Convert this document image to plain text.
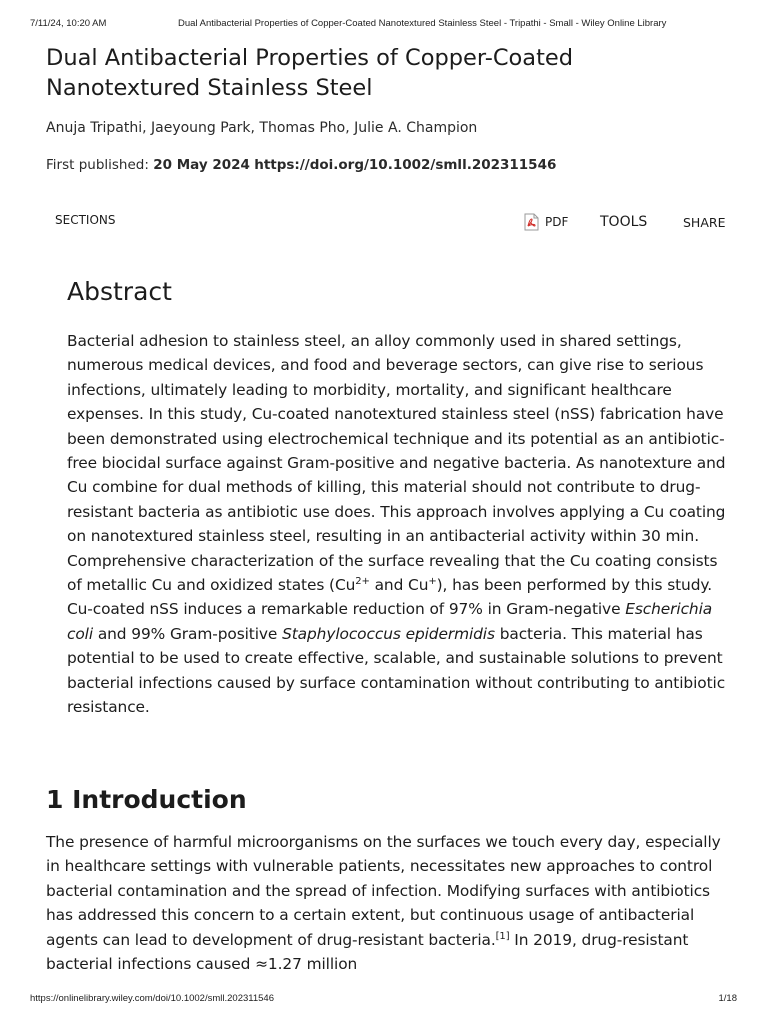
7/11/24, 10:20 AM	Dual Antibacterial Properties of Copper-Coated Nanotextured Stainless Steel - Tripathi - Small - Wiley Online Library
Dual Antibacterial Properties of Copper-Coated Nanotextured Stainless Steel
Anuja Tripathi, Jaeyoung Park, Thomas Pho, Julie A. Champion
First published: 20 May 2024 https://doi.org/10.1002/smll.202311546
SECTIONS	PDF TOOLS	SHARE
Abstract

Bacterial adhesion to stainless steel, an alloy commonly used in shared settings, numerous medical devices, and food and beverage sectors, can give rise to serious infections, ultimately leading to morbidity, mortality, and significant healthcare expenses. In this study, Cu-coated nanotextured stainless steel (nSS) fabrication have been demonstrated using electrochemical technique and its potential as an antibiotic-free biocidal surface against Gram-positive and negative bacteria. As nanotexture and Cu combine for dual methods of killing, this material should not contribute to drug-resistant bacteria as antibiotic use does. This approach involves applying a Cu coating on nanotextured stainless steel, resulting in an antibacterial activity within 30 min. Comprehensive characterization of the surface revealing that the Cu coating consists of metallic Cu and oxidized states ($Cu^{2+}$ and Cu+), has been performed by this study. Cu-coated nSS induces a remarkable reduction of 97% in Gram-negative Escherichia coli and 99% Gram-positive Staphylococcus epidermidis bacteria. This material has potential to be used to create effective, scalable, and sustainable solutions to prevent bacterial infections caused by surface contamination without contributing to antibiotic resistance.

1 Introduction

The presence of harmful microorganisms on the surfaces we touch every day, especially in healthcare settings with vulnerable patients, necessitates new approaches to control bacterial contamination and the spread of infection. Modifying surfaces with antibiotics has addressed this concern to a certain extent, but continuous usage of antibacterial agents can lead to development of drug-resistant bacteria.[1] In 2019, drug-resistant bacterial infections caused ≈1.27 million

https://onlinelibrary.wiley.com/doi/10.1002/smll.202311546	1/18
